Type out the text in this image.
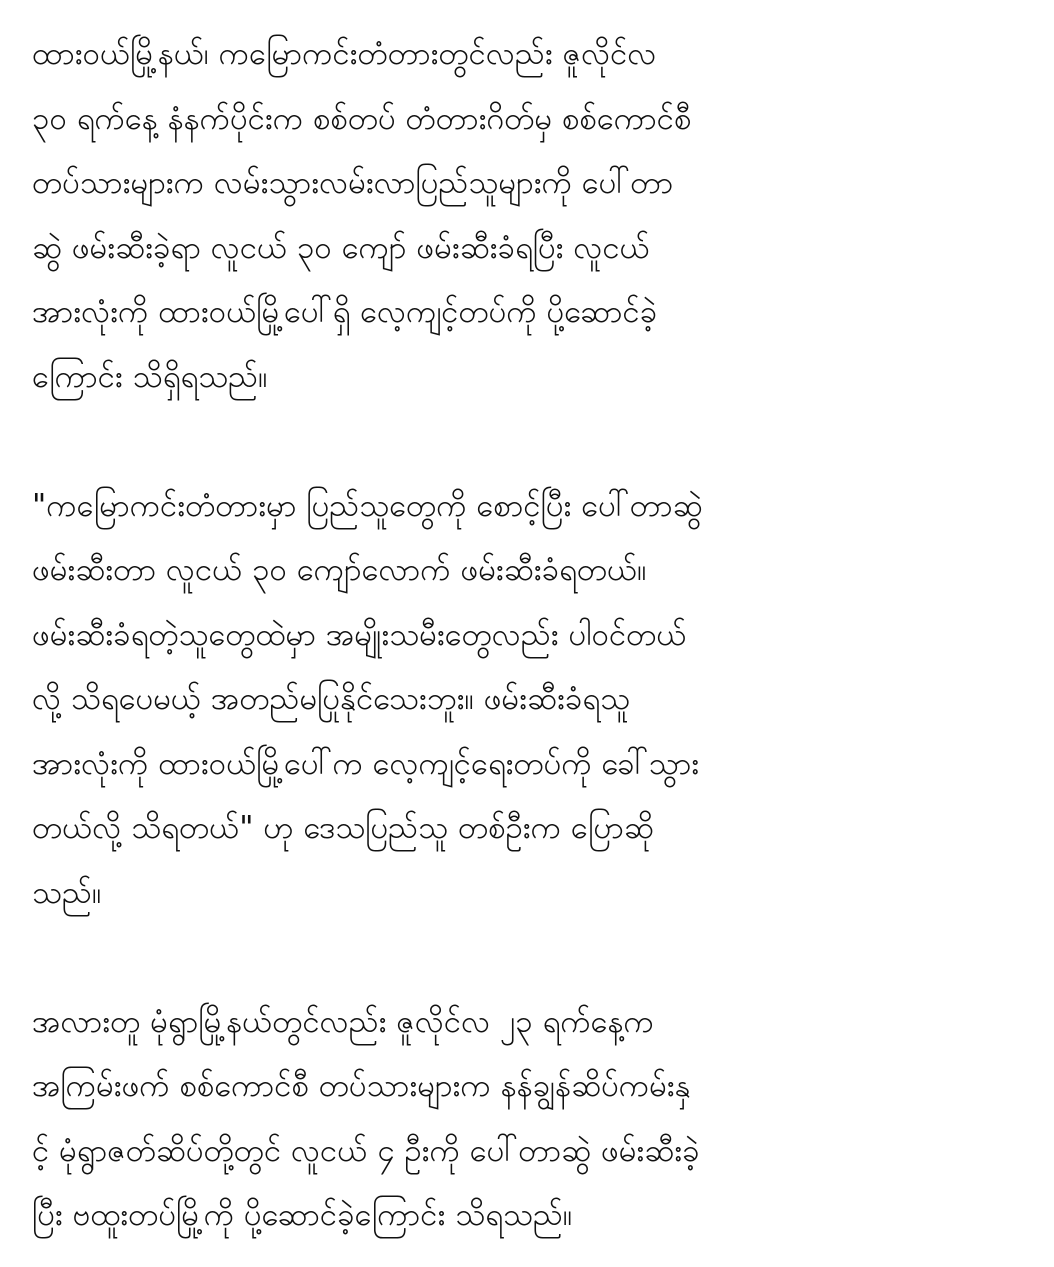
ထားဝယ်မြို့နယ်၊ ကမြောကင်းတံတားတွင်လည်း ဇူလိုင်လ
၃၀ ရက်နေ့ နံနက်ပိုင်းက စစ်တပ် တံတားဂိတ်မှ စစ်ကောင်စီ
တပ်သားများက လမ်းသွားလမ်းလာပြည်သူများကို ပေါ်တာ
ဆွဲ ဖမ်းဆီးခဲ့ရာ လူငယ် ၃၀ ကျော် ဖမ်းဆီးခံရပြီး လူငယ်
အားလုံးကို ထားဝယ်မြို့ပေါ်ရှိ လေ့ကျင့်တပ်ကို ပို့ဆောင်ခဲ့
ကြောင်း သိရှိရသည်။
"ကမြောကင်းတံတားမှာ ပြည်သူတွေကို စောင့်ပြီး ပေါ်တာဆွဲ
ဖမ်းဆီးတာ လူငယ် ၃၀ ကျော်လောက် ဖမ်းဆီးခံရတယ်။
ဖမ်းဆီးခံရတဲ့သူတွေထဲမှာ အမျိုးသမီးတွေလည်း ပါဝင်တယ်
လို့ သိရပေမယ့် အတည်မပြုနိုင်သေးဘူး။ ဖမ်းဆီးခံရသူ
အားလုံးကို ထားဝယ်မြို့ပေါ်က လေ့ကျင့်ရေးတပ်ကို ခေါ်သွား
တယ်လို့ သိရတယ်" ဟု ဒေသပြည်သူ တစ်ဦးက ပြောဆို
သည်။
အလားတူ မုံရွာမြို့နယ်တွင်လည်း ဇူလိုင်လ ၂၃ ရက်နေ့က
အကြမ်းဖက် စစ်ကောင်စီ တပ်သားများက နန်ချွန်ဆိပ်ကမ်းနှ
င့် မုံရွာဇတ်ဆိပ်တို့တွင် လူငယ် ၄ ဦးကို ပေါ်တာဆွဲ ဖမ်းဆီးခဲ့
ပြီး ဗထူးတပ်မြို့ကို ပို့ဆောင်ခဲ့ကြောင်း သိရသည်။
